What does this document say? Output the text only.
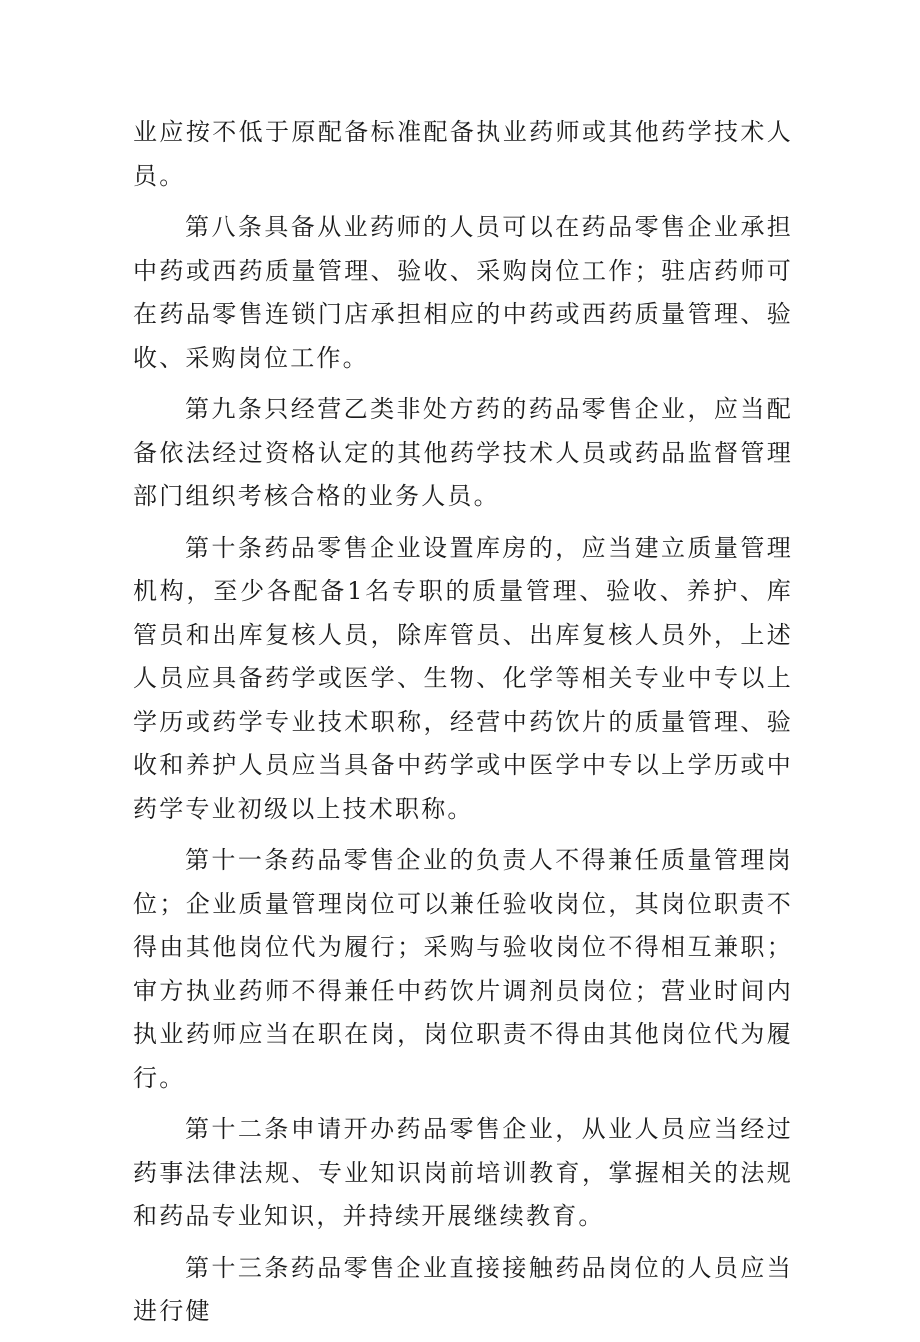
业应按不低于原配备标准配备执业药师或其他药学技术人员。

第八条具备从业药师的人员可以在药品零售企业承担中药或西药质量管理、验收、采购岗位工作；驻店药师可在药品零售连锁门店承担相应的中药或西药质量管理、验收、采购岗位工作。

第九条只经营乙类非处方药的药品零售企业，应当配备依法经过资格认定的其他药学技术人员或药品监督管理部门组织考核合格的业务人员。

第十条药品零售企业设置库房的，应当建立质量管理机构，至少各配备1名专职的质量管理、验收、养护、库管员和出库复核人员，除库管员、出库复核人员外，上述人员应具备药学或医学、生物、化学等相关专业中专以上学历或药学专业技术职称，经营中药饮片的质量管理、验收和养护人员应当具备中药学或中医学中专以上学历或中药学专业初级以上技术职称。

第十一条药品零售企业的负责人不得兼任质量管理岗位；企业质量管理岗位可以兼任验收岗位，其岗位职责不得由其他岗位代为履行；采购与验收岗位不得相互兼职；审方执业药师不得兼任中药饮片调剂员岗位；营业时间内执业药师应当在职在岗，岗位职责不得由其他岗位代为履行。

第十二条申请开办药品零售企业，从业人员应当经过药事法律法规、专业知识岗前培训教育，掌握相关的法规和药品专业知识，并持续开展继续教育。

第十三条药品零售企业直接接触药品岗位的人员应当进行健
